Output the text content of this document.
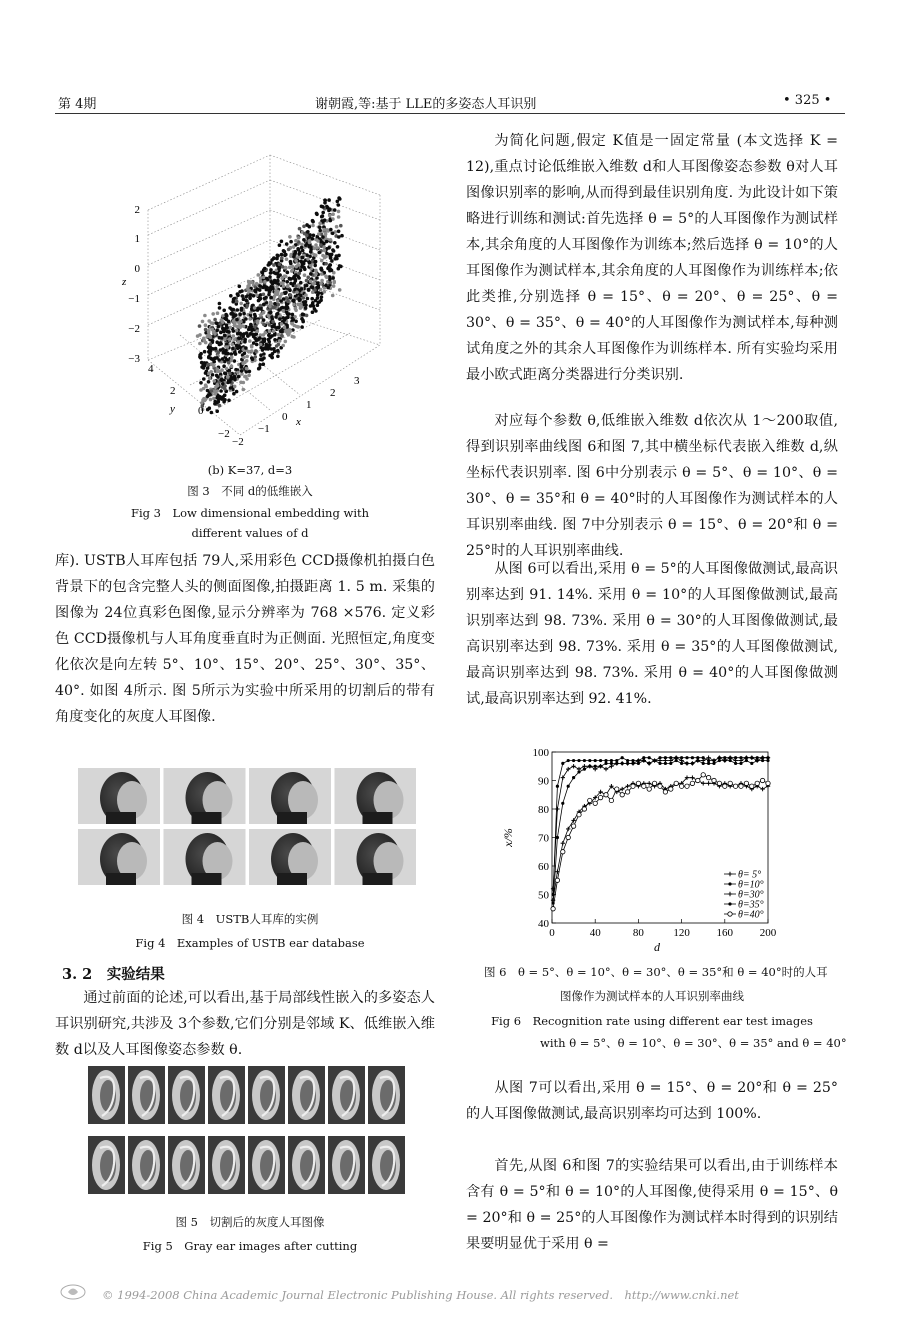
第 4期	谢朝霞,等:基于 LLE的多姿态人耳识别	• 325 •
2
1
0
−1
−2
−3
z
4
2
0
−2
y
−2
−1
0
1
2
3
x
(b) K=37, d=3
图 3　不同 d的低维嵌入
Fig 3　Low dimensional embedding with
different values of d

库). USTB人耳库包括 79人,采用彩色 CCD摄像机拍摄白色背景下的包含完整人头的侧面图像,拍摄距离 1. 5 m. 采集的图像为 24位真彩色图像,显示分辨率为 768 ×576. 定义彩色 CCD摄像机与人耳角度垂直时为正侧面. 光照恒定,角度变化依次是向左转 5°、10°、15°、20°、25°、30°、35°、40°. 如图 4所示. 图 5所示为实验中所采用的切割后的带有角度变化的灰度人耳图像.

图 4　USTB人耳库的实例
Fig 4　Examples of USTB ear database
3. 2　实验结果

通过前面的论述,可以看出,基于局部线性嵌入的多姿态人耳识别研究,共涉及 3个参数,它们分别是邻域 K、低维嵌入维数 d以及人耳图像姿态参数 θ.

图 5　切割后的灰度人耳图像
Fig 5　Gray ear images after cutting

为简化问题,假定 K值是一固定常量 (本文选择 K = 12),重点讨论低维嵌入维数 d和人耳图像姿态参数 θ对人耳图像识别率的影响,从而得到最佳识别角度. 为此设计如下策略进行训练和测试:首先选择 θ = 5°的人耳图像作为测试样本,其余角度的人耳图像作为训练本;然后选择 θ = 10°的人耳图像作为测试样本,其余角度的人耳图像作为训练样本;依此类推,分别选择 θ = 15°、θ = 20°、θ = 25°、θ = 30°、θ = 35°、θ = 40°的人耳图像作为测试样本,每种测试角度之外的其余人耳图像作为训练样本. 所有实验均采用最小欧式距离分类器进行分类识别.

对应每个参数 θ,低维嵌入维数 d依次从 1～200取值,得到识别率曲线图 6和图 7,其中横坐标代表嵌入维数 d,纵坐标代表识别率. 图 6中分别表示 θ = 5°、θ = 10°、θ = 30°、θ = 35°和 θ = 40°时的人耳图像作为测试样本的人耳识别率曲线. 图 7中分别表示 θ = 15°、θ = 20°和 θ = 25°时的人耳识别率曲线.

从图 6可以看出,采用 θ = 5°的人耳图像做测试,最高识别率达到 91. 14%. 采用 θ = 10°的人耳图像做测试,最高识别率达到 98. 73%. 采用 θ = 30°的人耳图像做测试,最高识别率达到 98. 73%. 采用 θ = 35°的人耳图像做测试,最高识别率达到 98. 73%. 采用 θ = 40°的人耳图像做测试,最高识别率达到 92. 41%.

40
50
60
70
80
90
100
0	40	80	120 160 200
d
x/%
θ= 5°
θ=10°
θ=30°
θ=35°
θ=40°
图 6　θ = 5°、θ = 10°、θ = 30°、θ = 35°和 θ = 40°时的人耳
图像作为测试样本的人耳识别率曲线
Fig 6　Recognition rate using different ear test images
with θ = 5°、θ = 10°、θ = 30°、θ = 35° and θ = 40°

从图 7可以看出,采用 θ = 15°、θ = 20°和 θ = 25°的人耳图像做测试,最高识别率均可达到 100%.

首先,从图 6和图 7的实验结果可以看出,由于训练样本含有 θ = 5°和 θ = 10°的人耳图像,使得采用 θ = 15°、θ = 20°和 θ = 25°的人耳图像作为测试样本时得到的识别结果要明显优于采用 θ =

© 1994-2008 China Academic Journal Electronic Publishing House. All rights reserved.　http://www.cnki.net
